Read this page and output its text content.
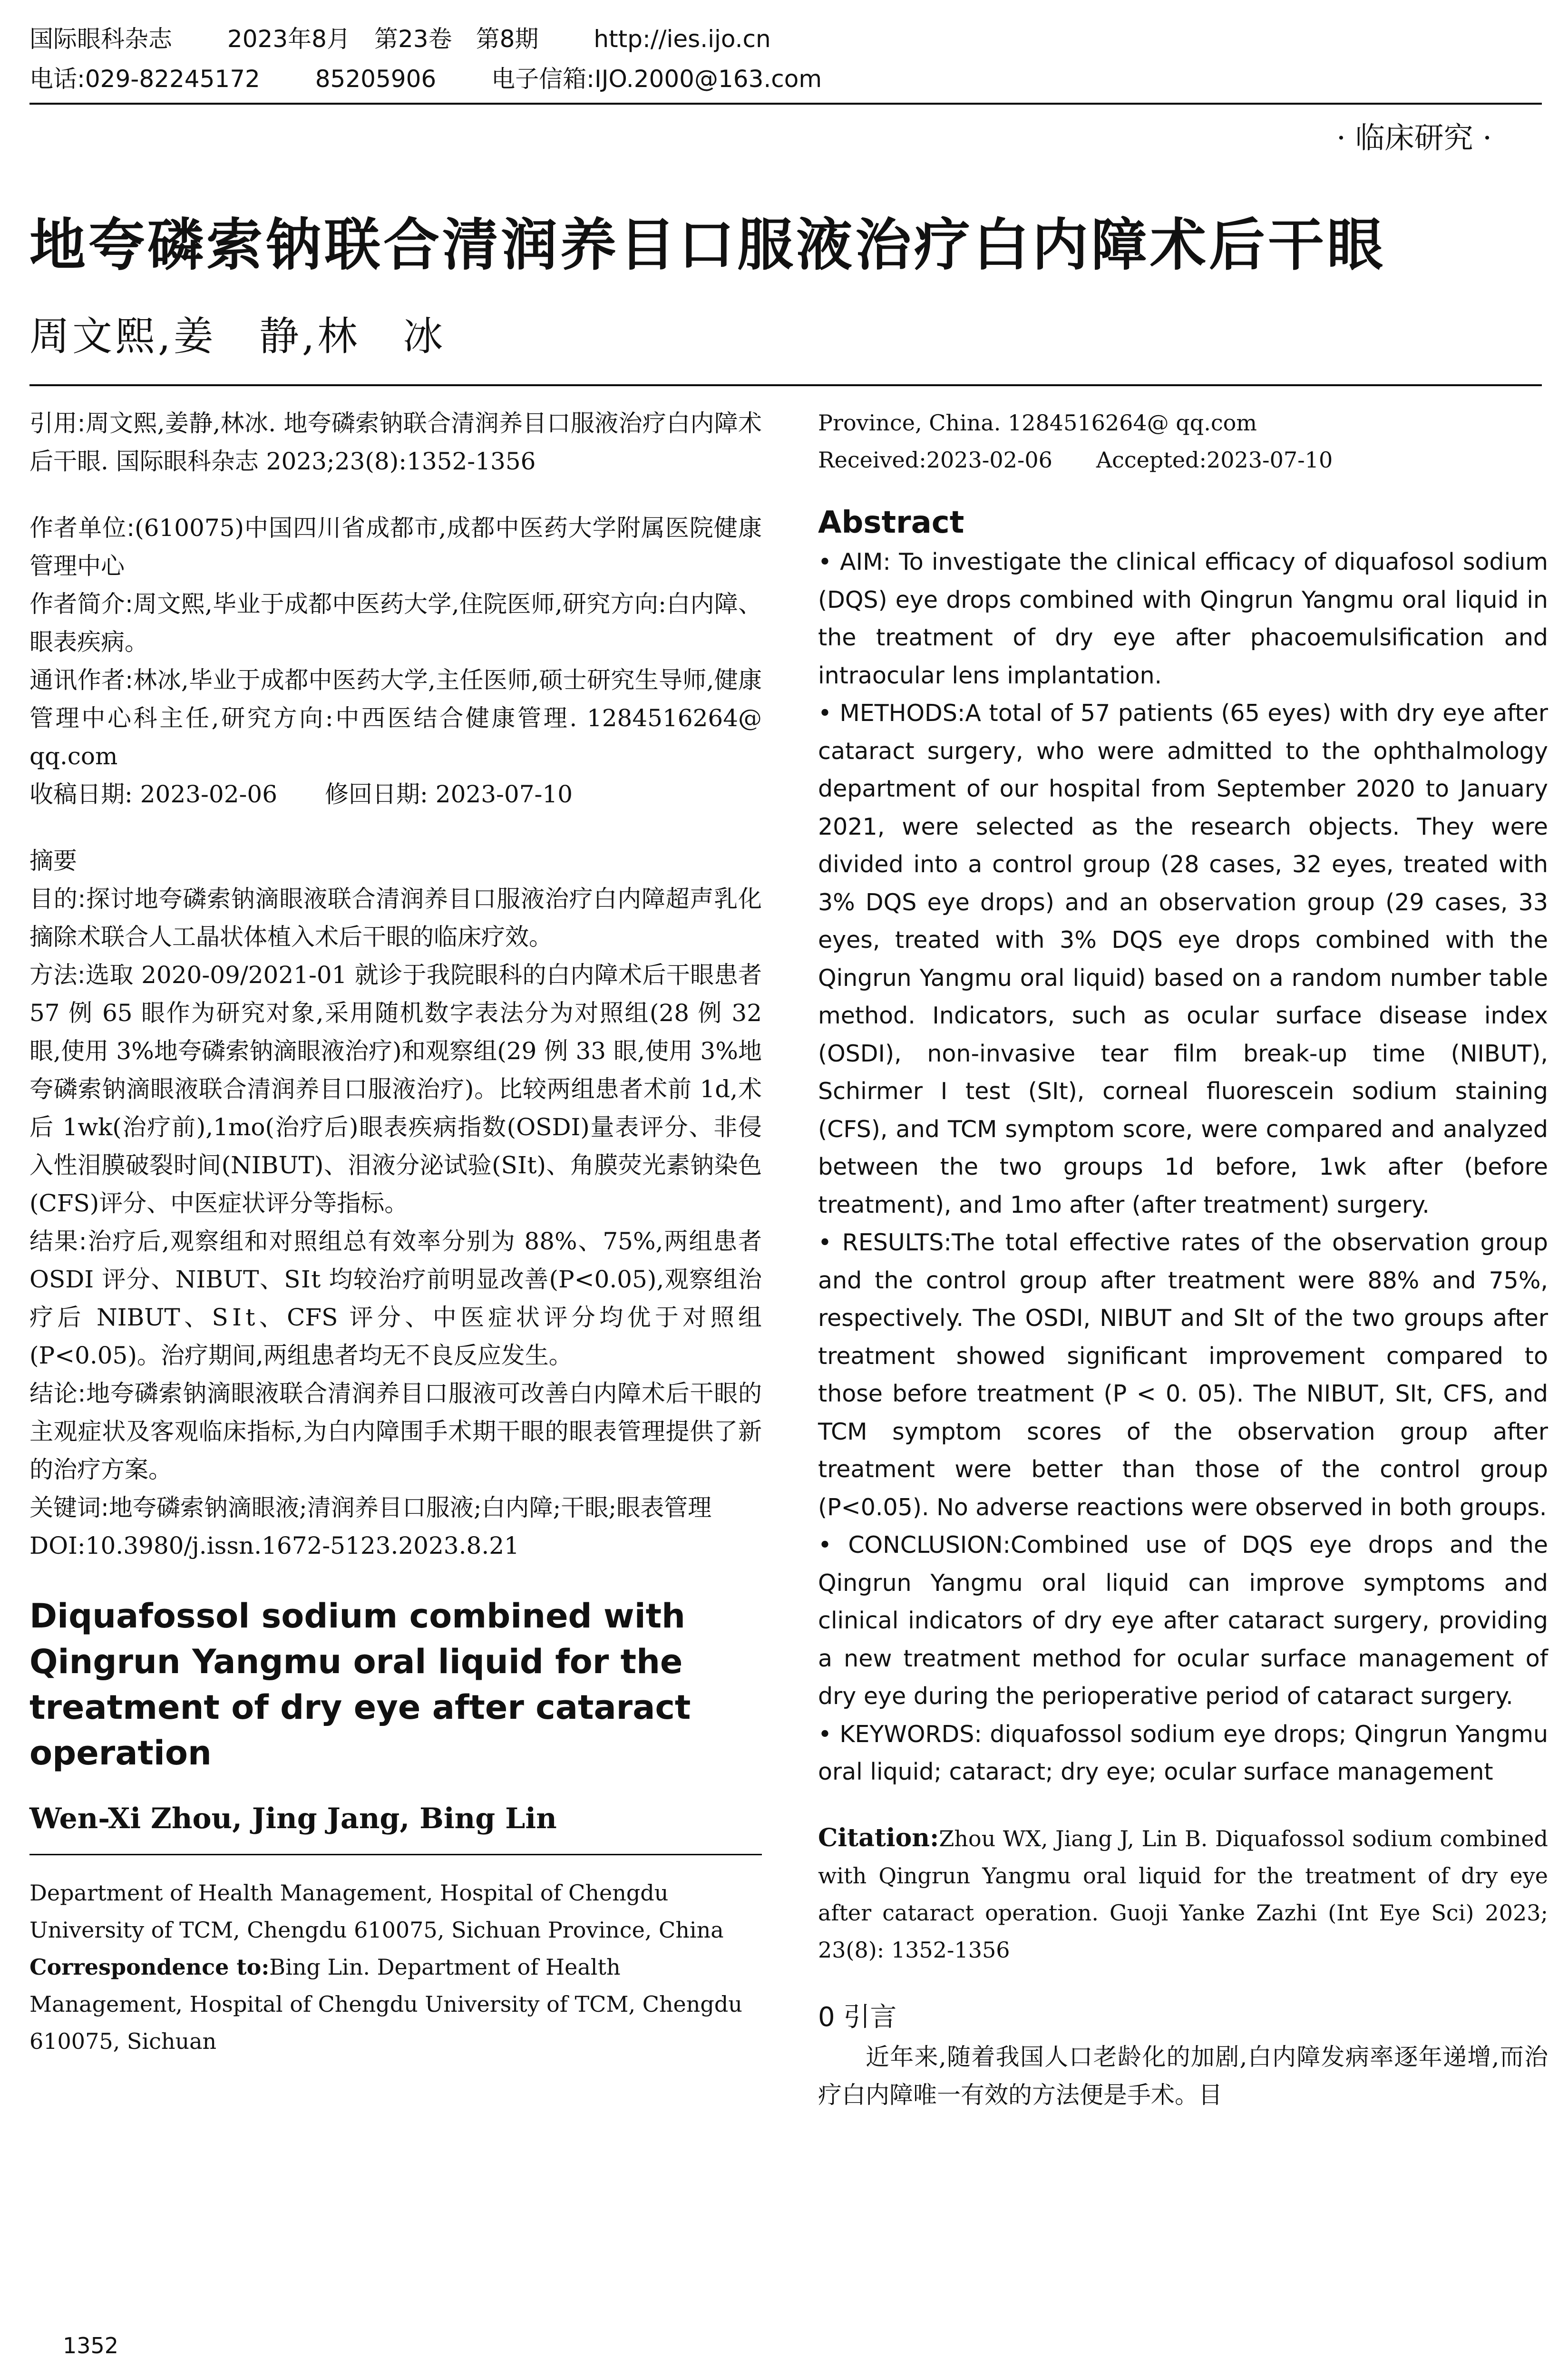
国际眼科杂志 2023年8月　第23卷　第8期 http://ies.ijo.cn
电话:029-82245172 85205906 电子信箱:IJO.2000@163.com
· 临床研究 ·
地夸磷索钠联合清润养目口服液治疗白内障术后干眼
周文熙,姜　静,林　冰

引用:周文熙,姜静,林冰. 地夸磷索钠联合清润养目口服液治疗白内障术后干眼. 国际眼科杂志 2023;23(8):1352-1356

作者单位:(610075)中国四川省成都市,成都中医药大学附属医院健康管理中心

作者简介:周文熙,毕业于成都中医药大学,住院医师,研究方向:白内障、眼表疾病。

通讯作者:林冰,毕业于成都中医药大学,主任医师,硕士研究生导师,健康管理中心科主任,研究方向:中西医结合健康管理. 1284516264@ qq.com

收稿日期: 2023-02-06　　修回日期: 2023-07-10

摘要

目的:探讨地夸磷索钠滴眼液联合清润养目口服液治疗白内障超声乳化摘除术联合人工晶状体植入术后干眼的临床疗效。

方法:选取 2020-09/2021-01 就诊于我院眼科的白内障术后干眼患者 57 例 65 眼作为研究对象,采用随机数字表法分为对照组(28 例 32 眼,使用 3%地夸磷索钠滴眼液治疗)和观察组(29 例 33 眼,使用 3%地夸磷索钠滴眼液联合清润养目口服液治疗)。比较两组患者术前 1d,术后 1wk(治疗前),1mo(治疗后)眼表疾病指数(OSDI)量表评分、非侵入性泪膜破裂时间(NIBUT)、泪液分泌试验(SⅠt)、角膜荧光素钠染色(CFS)评分、中医症状评分等指标。

结果:治疗后,观察组和对照组总有效率分别为 88%、75%,两组患者 OSDI 评分、NIBUT、SⅠt 均较治疗前明显改善(P<0.05),观察组治疗后 NIBUT、SⅠt、CFS 评分、中医症状评分均优于对照组(P<0.05)。治疗期间,两组患者均无不良反应发生。

结论:地夸磷索钠滴眼液联合清润养目口服液可改善白内障术后干眼的主观症状及客观临床指标,为白内障围手术期干眼的眼表管理提供了新的治疗方案。

关键词:地夸磷索钠滴眼液;清润养目口服液;白内障;干眼;眼表管理

DOI:10.3980/j.issn.1672-5123.2023.8.21

Diquafossol sodium combined with Qingrun Yangmu oral liquid for the treatment of dry eye after cataract operation

Wen-Xi Zhou, Jing Jang, Bing Lin

Department of Health Management, Hospital of Chengdu University of TCM, Chengdu 610075, Sichuan Province, China

Correspondence to:Bing Lin. Department of Health Management, Hospital of Chengdu University of TCM, Chengdu 610075, Sichuan

Province, China. 1284516264@ qq.com

Received:2023-02-06　　Accepted:2023-07-10

Abstract

• AIM: To investigate the clinical efficacy of diquafosol sodium (DQS) eye drops combined with Qingrun Yangmu oral liquid in the treatment of dry eye after phacoemulsification and intraocular lens implantation.

• METHODS:A total of 57 patients (65 eyes) with dry eye after cataract surgery, who were admitted to the ophthalmology department of our hospital from September 2020 to January 2021, were selected as the research objects. They were divided into a control group (28 cases, 32 eyes, treated with 3% DQS eye drops) and an observation group (29 cases, 33 eyes, treated with 3% DQS eye drops combined with the Qingrun Yangmu oral liquid) based on a random number table method. Indicators, such as ocular surface disease index (OSDI), non-invasive tear film break-up time (NIBUT), Schirmer I test (SIt), corneal fluorescein sodium staining (CFS), and TCM symptom score, were compared and analyzed between the two groups 1d before, 1wk after (before treatment), and 1mo after (after treatment) surgery.

• RESULTS:The total effective rates of the observation group and the control group after treatment were 88% and 75%, respectively. The OSDI, NIBUT and SIt of the two groups after treatment showed significant improvement compared to those before treatment (P < 0. 05). The NIBUT, SIt, CFS, and TCM symptom scores of the observation group after treatment were better than those of the control group (P<0.05). No adverse reactions were observed in both groups.

• CONCLUSION:Combined use of DQS eye drops and the Qingrun Yangmu oral liquid can improve symptoms and clinical indicators of dry eye after cataract surgery, providing a new treatment method for ocular surface management of dry eye during the perioperative period of cataract surgery.

• KEYWORDS: diquafossol sodium eye drops; Qingrun Yangmu oral liquid; cataract; dry eye; ocular surface management

Citation:Zhou WX, Jiang J, Lin B. Diquafossol sodium combined with Qingrun Yangmu oral liquid for the treatment of dry eye after cataract operation. Guoji Yanke Zazhi (Int Eye Sci) 2023; 23(8): 1352-1356

0 引言

近年来,随着我国人口老龄化的加剧,白内障发病率逐年递增,而治疗白内障唯一有效的方法便是手术。目

1352
